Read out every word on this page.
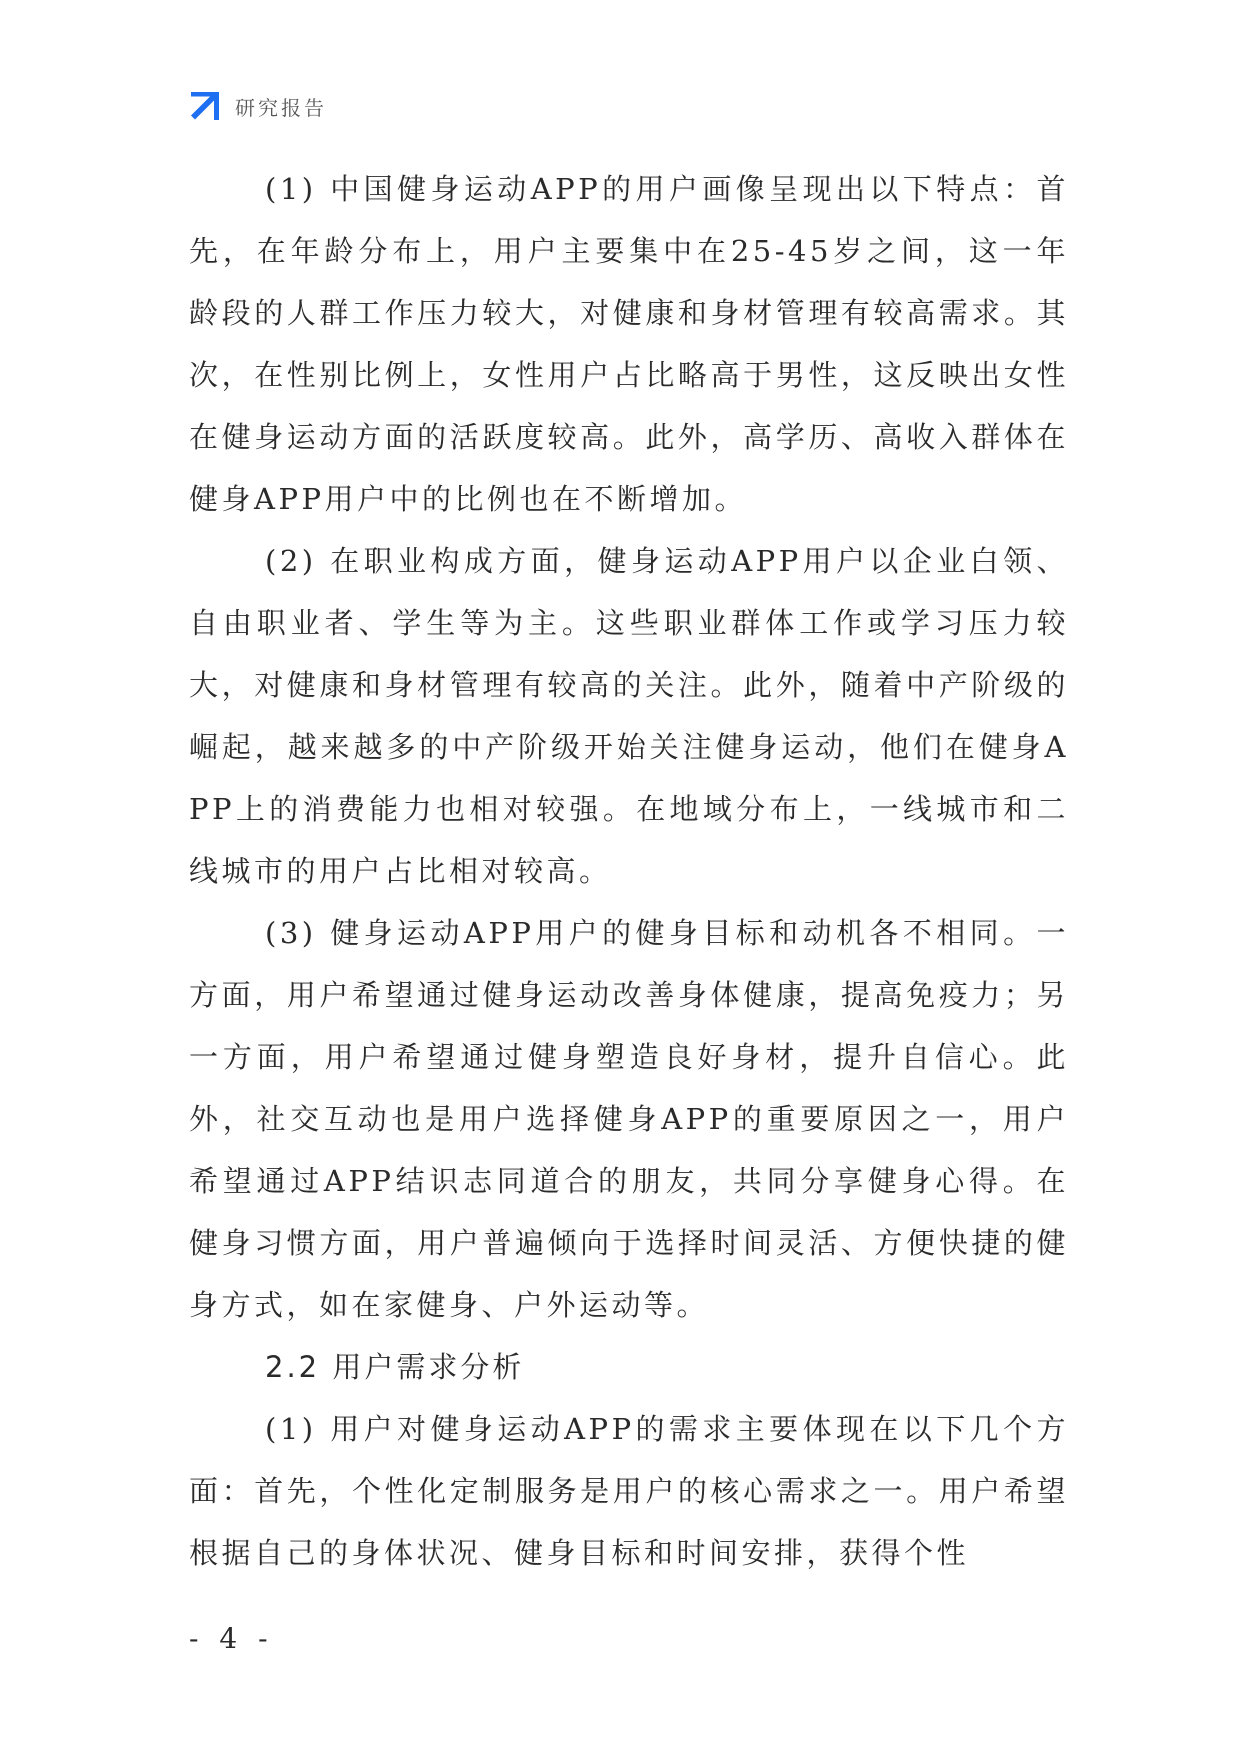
研究报告

(1) 中国健身运动APP的用户画像呈现出以下特点：首先，在年龄分布上，用户主要集中在25-45岁之间，这一年龄段的人群工作压力较大，对健康和身材管理有较高需求。其次，在性别比例上，女性用户占比略高于男性，这反映出女性在健身运动方面的活跃度较高。此外，高学历、高收入群体在健身APP用户中的比例也在不断增加。

(2) 在职业构成方面，健身运动APP用户以企业白领、自由职业者、学生等为主。这些职业群体工作或学习压力较大，对健康和身材管理有较高的关注。此外，随着中产阶级的崛起，越来越多的中产阶级开始关注健身运动，他们在健身APP上的消费能力也相对较强。在地域分布上，一线城市和二线城市的用户占比相对较高。

(3) 健身运动APP用户的健身目标和动机各不相同。一方面，用户希望通过健身运动改善身体健康，提高免疫力；另一方面，用户希望通过健身塑造良好身材，提升自信心。此外，社交互动也是用户选择健身APP的重要原因之一，用户希望通过APP结识志同道合的朋友，共同分享健身心得。在健身习惯方面，用户普遍倾向于选择时间灵活、方便快捷的健身方式，如在家健身、户外运动等。

2.2 用户需求分析

(1) 用户对健身运动APP的需求主要体现在以下几个方面：首先，个性化定制服务是用户的核心需求之一。用户希望根据自己的身体状况、健身目标和时间安排，获得个性

- 4 -
